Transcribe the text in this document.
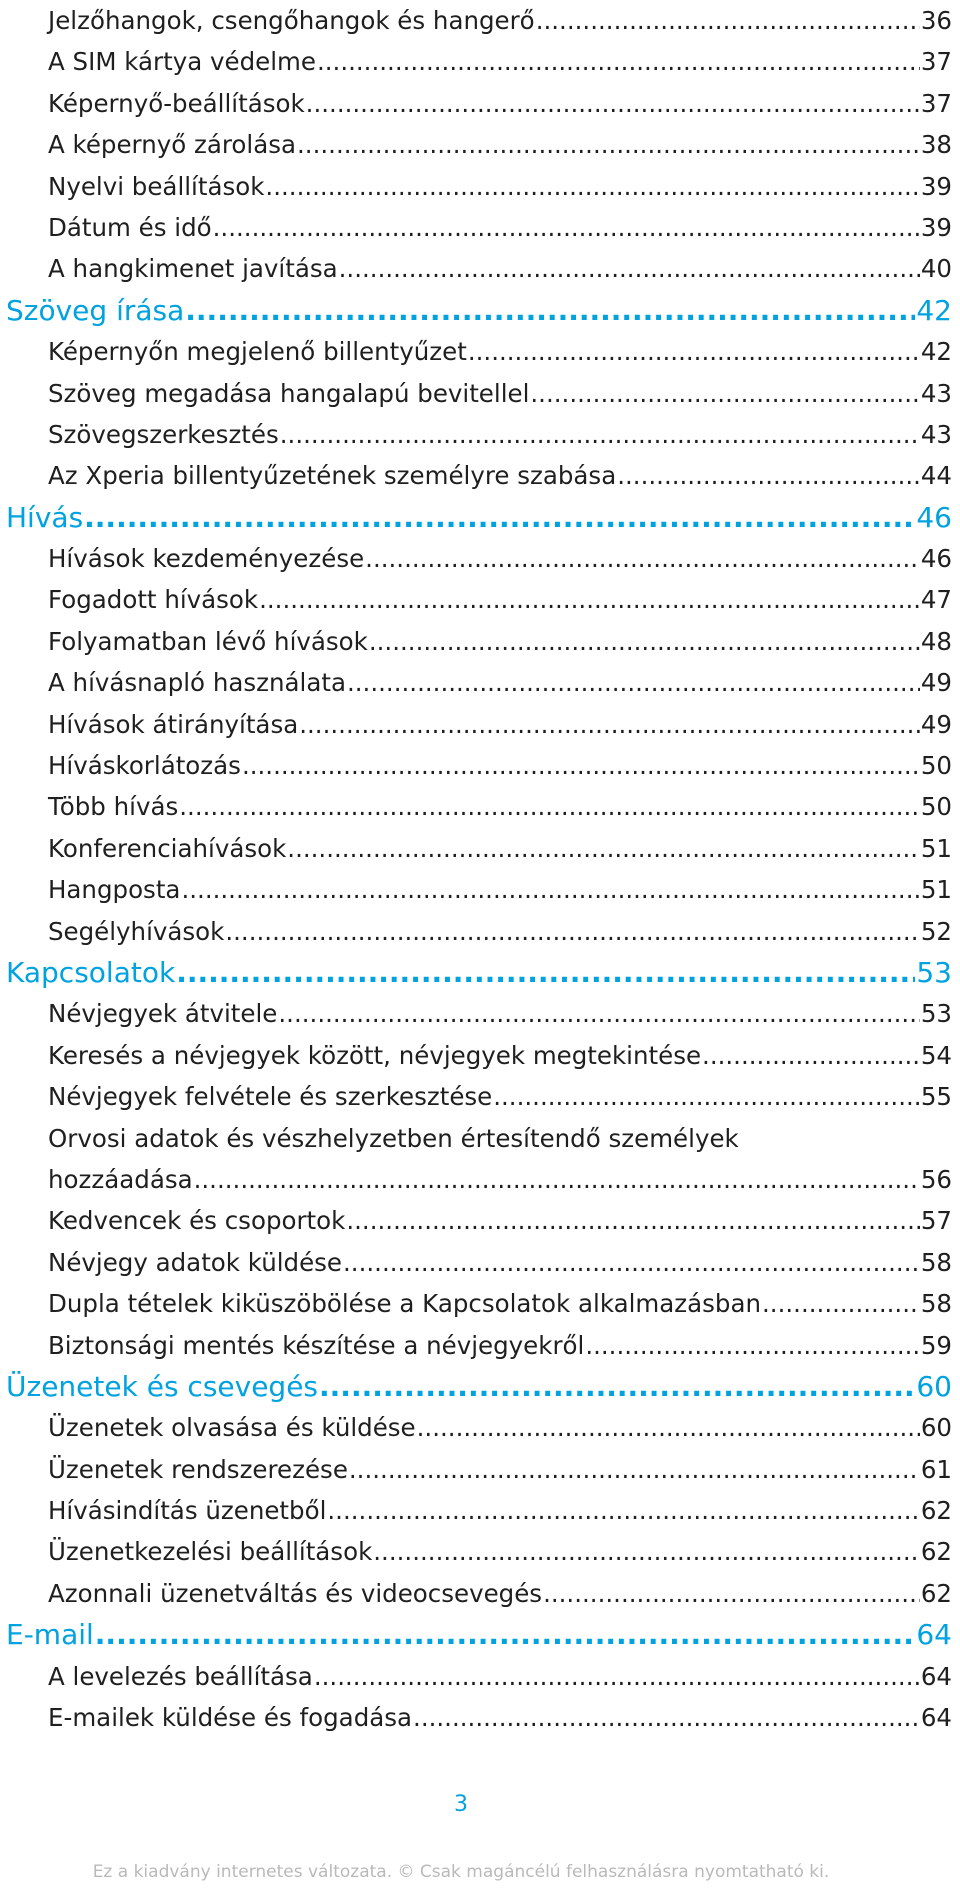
Jelzőhangok, csengőhangok és hangerő .....	36
A SIM kártya védelme .....	37
Képernyő-beállítások .....	37
A képernyő zárolása .....	38
Nyelvi beállítások .....	39
Dátum és idő .....	39
A hangkimenet javítása .....	40
Szöveg írása .....	42
Képernyőn megjelenő billentyűzet .....	42
Szöveg megadása hangalapú bevitellel .....	43
Szövegszerkesztés .....	43
Az Xperia billentyűzetének személyre szabása .....	44
Hívás .....	46
Hívások kezdeményezése .....	46
Fogadott hívások .....	47
Folyamatban lévő hívások .....	48
A hívásnapló használata .....	49
Hívások átirányítása .....	49
Híváskorlátozás .....	50
Több hívás .....	50
Konferenciahívások .....	51
Hangposta .....	51
Segélyhívások .....	52
Kapcsolatok .....	53
Névjegyek átvitele .....	53
Keresés a névjegyek között, névjegyek megtekintése .....	54
Névjegyek felvétele és szerkesztése .....	55
Orvosi adatok és vészhelyzetben értesítendő személyek
hozzáadása .....	56
Kedvencek és csoportok .....	57
Névjegy adatok küldése .....	58
Dupla tételek kiküszöbölése a Kapcsolatok alkalmazásban .....	58
Biztonsági mentés készítése a névjegyekről .....	59
Üzenetek és csevegés .....	60
Üzenetek olvasása és küldése .....	60
Üzenetek rendszerezése .....	61
Hívásindítás üzenetből .....	62
Üzenetkezelési beállítások .....	62
Azonnali üzenetváltás és videocsevegés .....	62
E-mail .....	64
A levelezés beállítása .....	64
E-mailek küldése és fogadása .....	64
3
Ez a kiadvány internetes változata. © Csak magáncélú felhasználásra nyomtatható ki.
